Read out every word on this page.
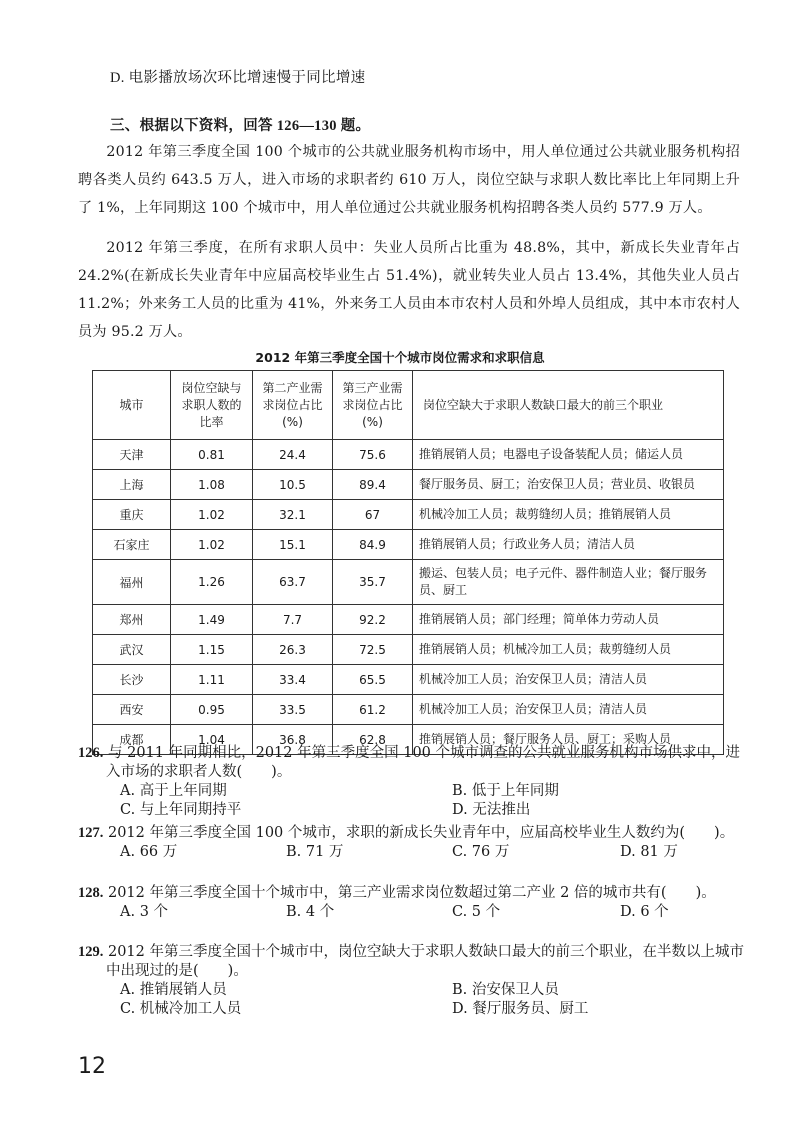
D. 电影播放场次环比增速慢于同比增速
三、根据以下资料，回答 126—130 题。
2012 年第三季度全国 100 个城市的公共就业服务机构市场中，用人单位通过公共就业服务机构招聘各类人员约 643.5 万人，进入市场的求职者约 610 万人，岗位空缺与求职人数比率比上年同期上升了 1%，上年同期这 100 个城市中，用人单位通过公共就业服务机构招聘各类人员约 577.9 万人。
2012 年第三季度，在所有求职人员中：失业人员所占比重为 48.8%，其中，新成长失业青年占 24.2%(在新成长失业青年中应届高校毕业生占 51.4%)，就业转失业人员占 13.4%，其他失业人员占 11.2%；外来务工人员的比重为 41%，外来务工人员由本市农村人员和外埠人员组成，其中本市农村人员为 95.2 万人。
2012 年第三季度全国十个城市岗位需求和求职信息
城市	岗位空缺与求职人数的比率	第二产业需求岗位占比(%)	第三产业需求岗位占比(%)	岗位空缺大于求职人数缺口最大的前三个职业
天津	0.81	24.4	75.6	推销展销人员；电器电子设备装配人员；储运人员
上海	1.08	10.5	89.4	餐厅服务员、厨工；治安保卫人员；营业员、收银员
重庆	1.02	32.1	67	机械冷加工人员；裁剪缝纫人员；推销展销人员
石家庄	1.02	15.1	84.9	推销展销人员；行政业务人员；清洁人员
福州	1.26	63.7	35.7	搬运、包装人员；电子元件、器件制造人业；餐厅服务员、厨工
郑州	1.49	7.7	92.2	推销展销人员；部门经理；简单体力劳动人员
武汉	1.15	26.3	72.5	推销展销人员；机械冷加工人员；裁剪缝纫人员
长沙	1.11	33.4	65.5	机械冷加工人员；治安保卫人员；清洁人员
西安	0.95	33.5	61.2	机械冷加工人员；治安保卫人员；清洁人员
成都	1.04	36.8	62.8	推销展销人员；餐厅服务人员、厨工；采购人员
126. 与 2011 年同期相比，2012 年第三季度全国 100 个城市调查的公共就业服务机构市场供求中，进入市场的求职者人数(　　)。
A. 高于上年同期	B. 低于上年同期
C. 与上年同期持平	D. 无法推出
127. 2012 年第三季度全国 100 个城市，求职的新成长失业青年中，应届高校毕业生人数约为(　　)。
A. 66 万	B. 71 万	C. 76 万	D. 81 万
128. 2012 年第三季度全国十个城市中，第三产业需求岗位数超过第二产业 2 倍的城市共有(　　)。
A. 3 个	B. 4 个	C. 5 个	D. 6 个
129. 2012 年第三季度全国十个城市中，岗位空缺大于求职人数缺口最大的前三个职业，在半数以上城市中出现过的是(　　)。
A. 推销展销人员	B. 治安保卫人员
C. 机械冷加工人员	D. 餐厅服务员、厨工
12
